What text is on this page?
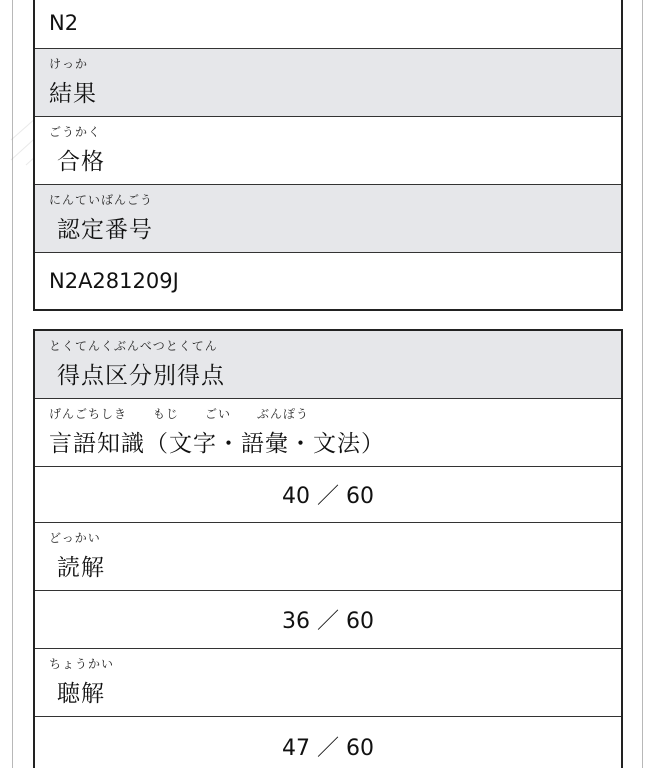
N2
けっか
結果
ごうかく
合格
にんていばんごう
認定番号
N2A281209J
とくてんくぶんべつとくてん
得点区分別得点
げんごちしき　　もじ　　ごい　　ぶんぽう
言語知識（文字・語彙・文法）
40 ／ 60
どっかい
読解
36 ／ 60
ちょうかい
聴解
47 ／ 60
